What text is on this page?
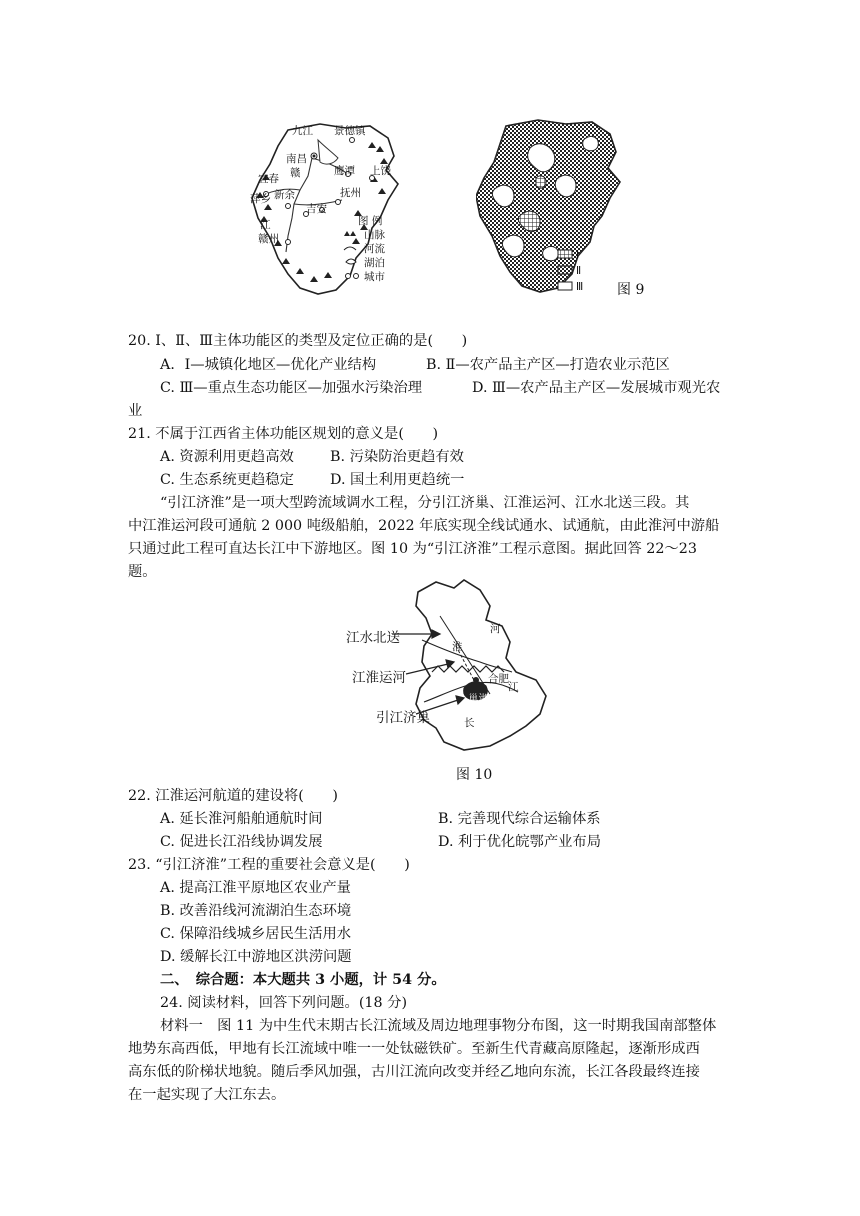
九江 景德镇
南昌
赣	鹰潭 上饶
宜春
萍乡 新余	抚州
吉安
江
赣州
图 例
山脉
河流
湖泊
城市
Ⅰ
Ⅱ
Ⅲ 图 9
20. Ⅰ、Ⅱ、Ⅲ主体功能区的类型及定位正确的是(　　)
A．Ⅰ—城镇化地区—优化产业结构	B. Ⅱ—农产品主产区—打造农业示范区
C. Ⅲ—重点生态功能区—加强水污染治理	D. Ⅲ—农产品主产区—发展城市观光农
业
21. 不属于江西省主体功能区规划的意义是(　　)
A. 资源利用更趋高效	B. 污染防治更趋有效
C. 生态系统更趋稳定	D. 国土利用更趋统一
“引江济淮”是一项大型跨流域调水工程，分引江济巢、江淮运河、江水北送三段。其
中江淮运河段可通航 2 000 吨级船舶，2022 年底实现全线试通水、试通航，由此淮河中游船
只通过此工程可直达长江中下游地区。图 10 为“引江济淮”工程示意图。据此回答 22～23
题。
河
淮
合肥
巢湖
江
长
江水北送
江淮运河
引江济巢
图 10
22. 江淮运河航道的建设将(　　)
A. 延长淮河船舶通航时间	B. 完善现代综合运输体系
C. 促进长江沿线协调发展	D. 利于优化皖鄂产业布局
23. “引江济淮”工程的重要社会意义是(　　)
A. 提高江淮平原地区农业产量
B. 改善沿线河流湖泊生态环境
C. 保障沿线城乡居民生活用水
D. 缓解长江中游地区洪涝问题
二、　综合题：本大题共 3 小题，计 54 分。
24. 阅读材料，回答下列问题。(18 分)
材料一　图 11 为中生代末期古长江流域及周边地理事物分布图，这一时期我国南部整体
地势东高西低，甲地有长江流域中唯一一处钛磁铁矿。至新生代青藏高原隆起，逐渐形成西
高东低的阶梯状地貌。随后季风加强，古川江流向改变并经乙地向东流，长江各段最终连接
在一起实现了大江东去。
